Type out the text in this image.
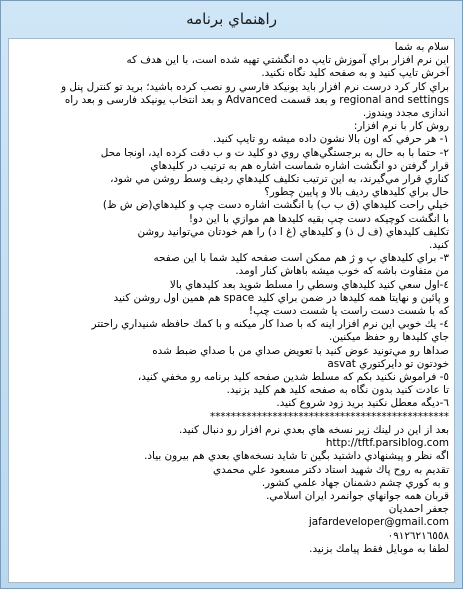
راهنماي برنامه
سلام به شما
اين نرم افزار براي آموزش تايپ ده انگشتي تهيه شده است، با اين هدف كه
آخرش تايپ كنيد و به صفحه كليد نگاه نكنيد.
براي كار كرد درست نرم افزار بايد يونيكد فارسي رو نصب كرده باشيد؛ برید تو کنترل پنل و
regional and settings و بعد قسمت Advanced و بعد انتخاب یونیکد فارسی و بعد راه
اندازی مجدد ويندوز.
روش كار با نرم افزار:
١- هر حرفي كه اون بالا نشون داده ميشه رو تايپ كنيد.
٢- حتما با به حال به برجستگي‌هاي روي دو كليد ت و ب دقت كرده ايد، اونجا محل
قرار گرفتن دو انگشت اشاره شماست اشاره هم به ترتيب در كليدهاي
كناري قرار مي‌گيرند، به اين ترتيب تكليف كليدهاي رديف وسط روشن مي شود،
حال براي كليدهاي رديف بالا و پايين چطور؟
خيلي راحت كليدهاي (ق ب ب) با انگشت اشاره دست چپ و كليدهاي(ض ش ظ)
با انگشت كوچيكه دست چپ بقيه كليدها هم موازي با اين دو!
تكليف كليدهاي (ف ل ذ) و كليدهاي (غ ا د) را هم خودتان مي‌توانيد روشن
كنيد.
٣- براي كليدهاي پ و ژ هم ممكن است صفحه كليد شما با اين صفحه
من متفاوت باشه كه خوب ميشه باهاش كنار اومد.
٤-اول سعي كنيد كليدهاي وسطي را مسلط شويد بعد كليدهاي بالا
و پائين و نهايتا همه كليدها در ضمن براي كليد space هم همين اول روشن كنيد
كه با شست دست راست يا شست دست چپ!
٤- يك خوبي اين نرم افزار اينه كه با صدا كار ميكنه و با كمك حافظه شنيداري راحتتر
جاي كليدها رو حفظ ميكنين.
صداها رو مي‌تونيد عوض كنيد با تعويض صداي من با صداي ضبط شده
خودتون تو دايركتوري asvat
٥- فراموش نكنيد بكم كه مسلط شدين صفحه كليد برنامه رو مخفي كنيد،
تا عادت كنيد بدون نگاه به صفحه كليد هم كليد بزنيد.
٦-ديگه معطل نكنيد بريد زود شروع كنيد.
**********************************************
بعد از اين در لينك زير نسخه هاي بعدي نرم افزار رو دنبال كنيد.
http://tftf.parsiblog.com
اگه نظر و پيشنهادي داشتيد بگين تا شايد نسخه‌هاي بعدي هم بيرون بياد.
تقديم به روح پاك شهيد استاد دكتر مسعود علي محمدي
و به كوري چشم دشمنان جهاد علمي كشور.
قربان همه جوانهاي جوانمرد ايران اسلامي.
جعفر احمديان
jafardeveloper@gmail.com
٠٩١٢٦٢١٦٥٥٨
لطفا به موبايل فقط پيامك بزنيد.
